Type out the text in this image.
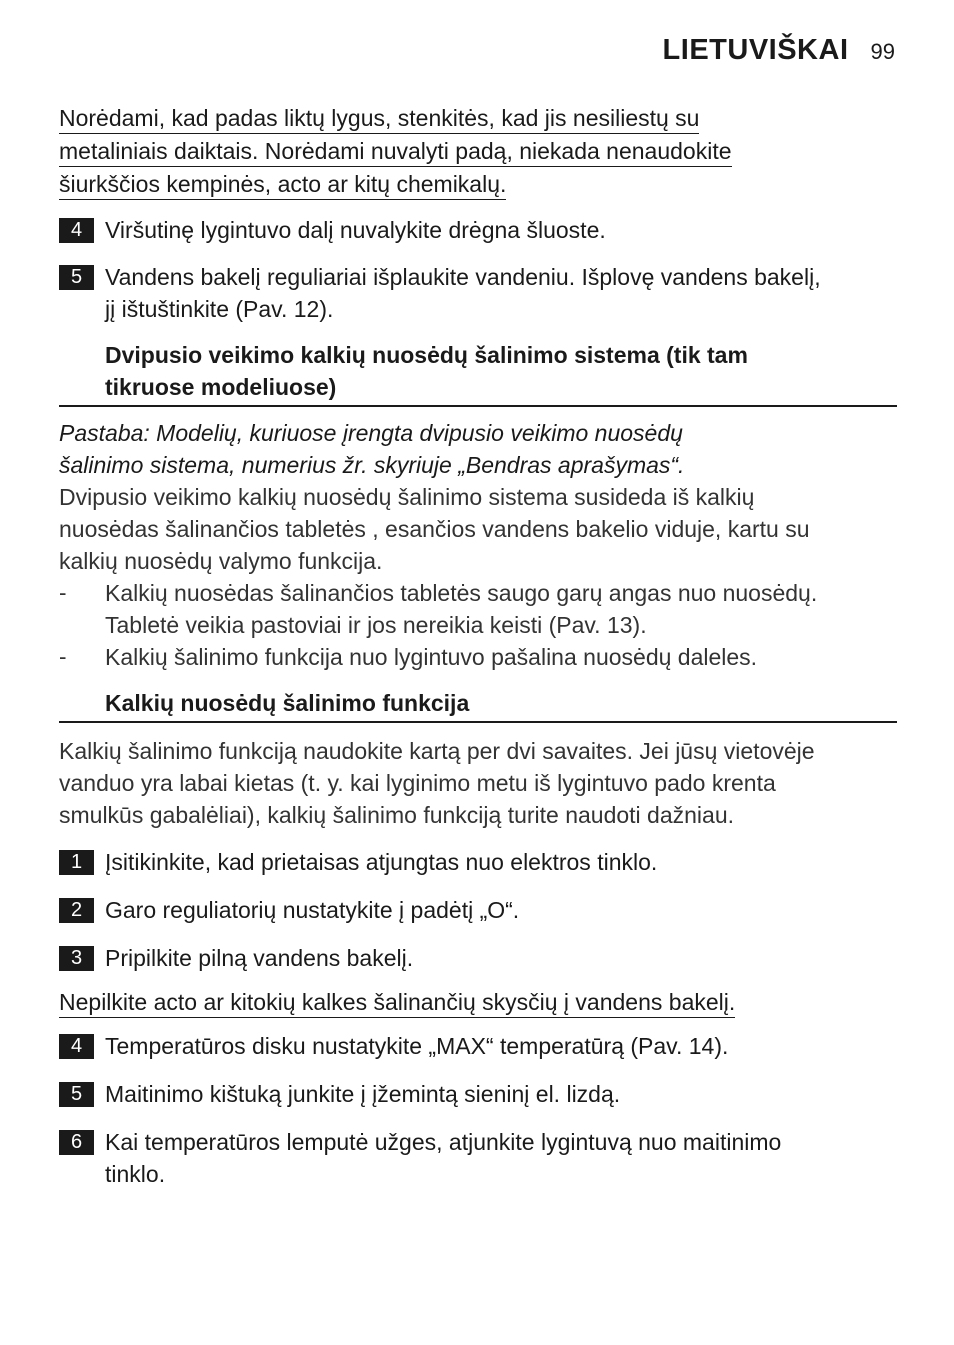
LIETUVIŠKAI 99
Norėdami, kad padas liktų lygus, stenkitės, kad jis nesiliestų su
metaliniais daiktais. Norėdami nuvalyti padą, niekada nenaudokite
šiurkščios kempinės, acto ar kitų chemikalų.
4 Viršutinę lygintuvo dalį nuvalykite drėgna šluoste.
5 Vandens bakelį reguliariai išplaukite vandeniu. Išplovę vandens bakelį,
jį ištuštinkite (Pav. 12).
Dvipusio veikimo kalkių nuosėdų šalinimo sistema (tik tam
tikruose modeliuose)
Pastaba: Modelių, kuriuose įrengta dvipusio veikimo nuosėdų
šalinimo sistema, numerius žr. skyriuje „Bendras aprašymas“.
Dvipusio veikimo kalkių nuosėdų šalinimo sistema susideda iš kalkių
nuosėdas šalinančios tabletės , esančios vandens bakelio viduje, kartu su
kalkių nuosėdų valymo funkcija.
- Kalkių nuosėdas šalinančios tabletės saugo garų angas nuo nuosėdų.
Tabletė veikia pastoviai ir jos nereikia keisti (Pav. 13).
- Kalkių šalinimo funkcija nuo lygintuvo pašalina nuosėdų daleles.
Kalkių nuosėdų šalinimo funkcija
Kalkių šalinimo funkciją naudokite kartą per dvi savaites. Jei jūsų vietovėje
vanduo yra labai kietas (t. y. kai lyginimo metu iš lygintuvo pado krenta
smulkūs gabalėliai), kalkių šalinimo funkciją turite naudoti dažniau.
1 Įsitikinkite, kad prietaisas atjungtas nuo elektros tinklo.
2 Garo reguliatorių nustatykite į padėtį „O“.
3 Pripilkite pilną vandens bakelį.
Nepilkite acto ar kitokių kalkes šalinančių skysčių į vandens bakelį.
4 Temperatūros disku nustatykite „MAX“ temperatūrą (Pav. 14).
5 Maitinimo kištuką junkite į įžemintą sieninį el. lizdą.
6 Kai temperatūros lemputė užges, atjunkite lygintuvą nuo maitinimo
tinklo.
